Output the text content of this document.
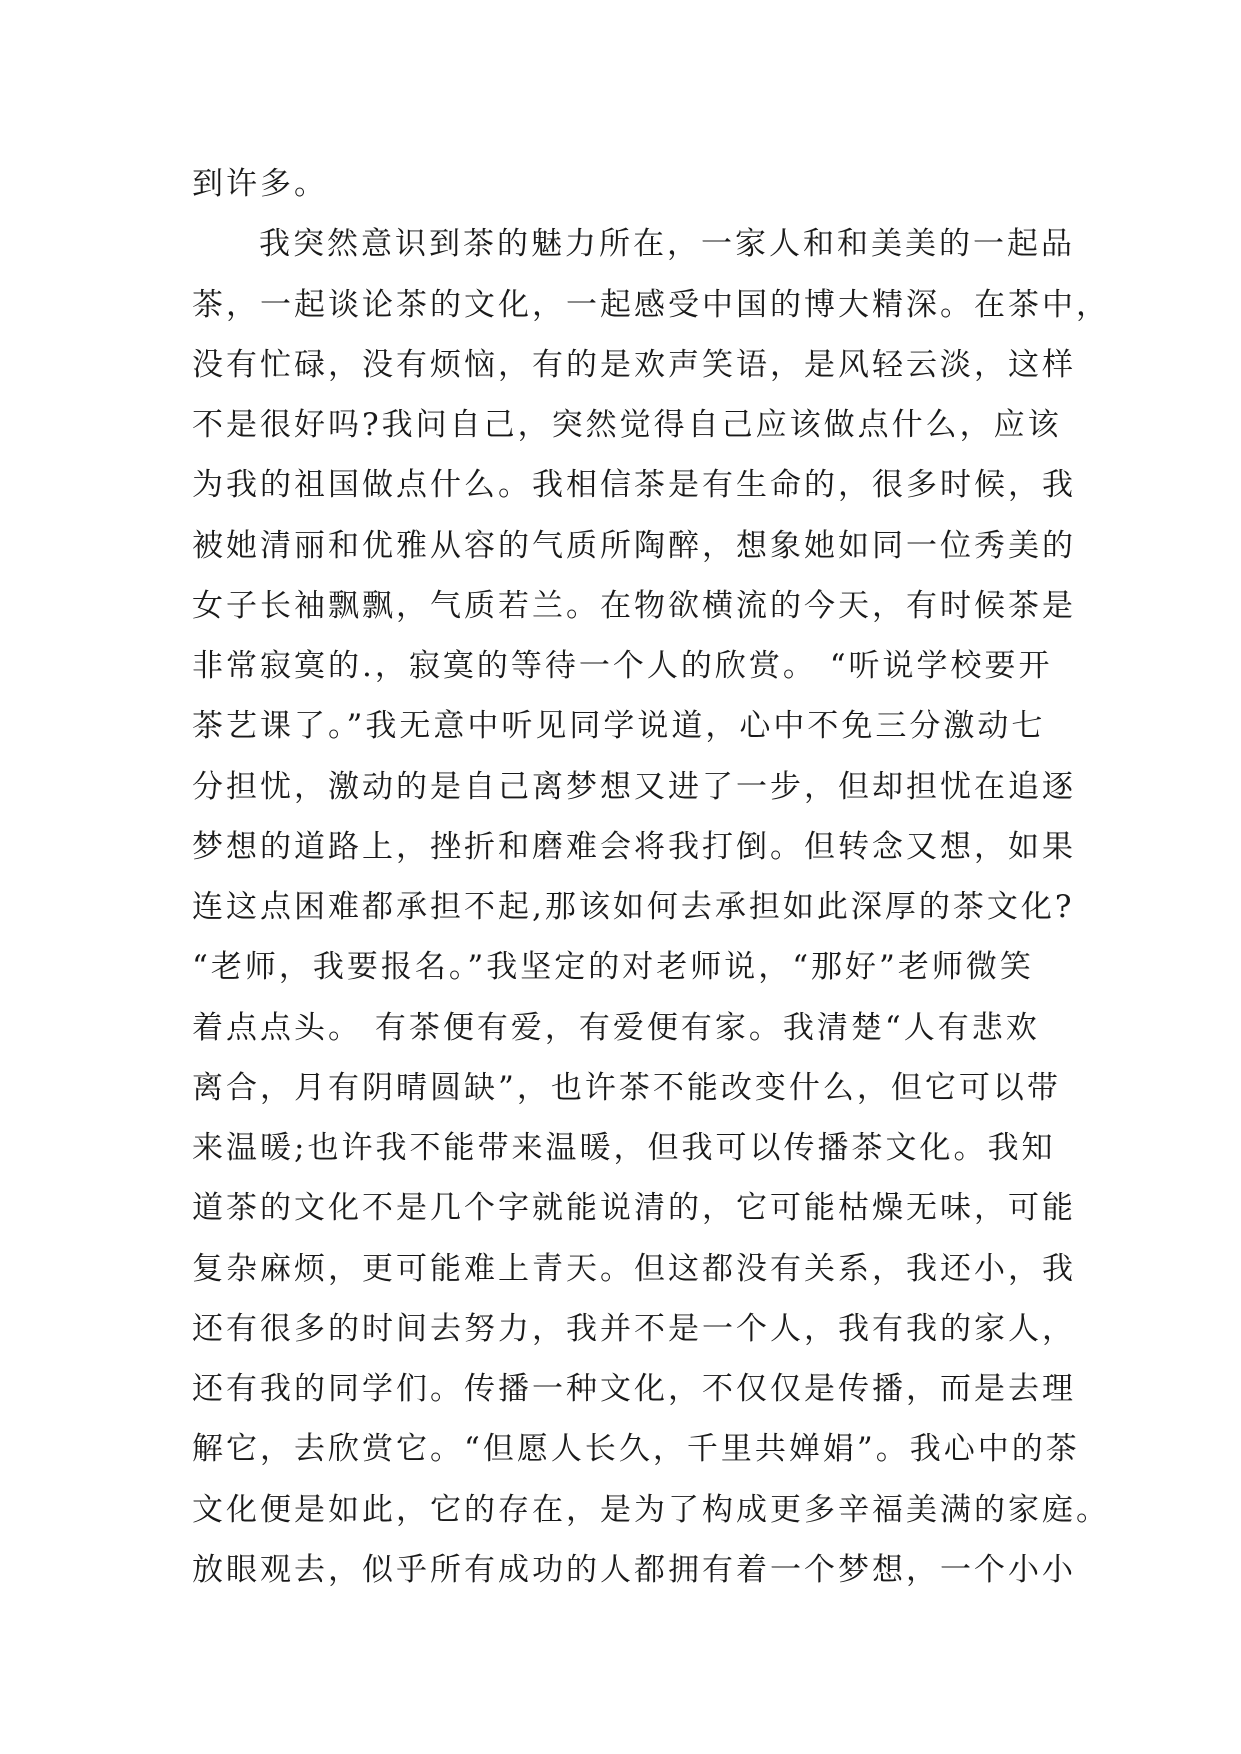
到许多。
我突然意识到茶的魅力所在，一家人和和美美的一起品
茶，一起谈论茶的文化，一起感受中国的博大精深。在茶中，
没有忙碌，没有烦恼，有的是欢声笑语，是风轻云淡，这样
不是很好吗?我问自己，突然觉得自己应该做点什么，应该
为我的祖国做点什么。我相信茶是有生命的，很多时候，我
被她清丽和优雅从容的气质所陶醉，想象她如同一位秀美的
女子长袖飘飘，气质若兰。在物欲横流的今天，有时候茶是
非常寂寞的.，寂寞的等待一个人的欣赏。 “听说学校要开
茶艺课了。”我无意中听见同学说道，心中不免三分激动七
分担忧，激动的是自己离梦想又进了一步，但却担忧在追逐
梦想的道路上，挫折和磨难会将我打倒。但转念又想，如果
连这点困难都承担不起,那该如何去承担如此深厚的茶文化?
“老师，我要报名。”我坚定的对老师说，“那好”老师微笑
着点点头。 有茶便有爱，有爱便有家。我清楚“人有悲欢
离合，月有阴晴圆缺”，也许茶不能改变什么，但它可以带
来温暖;也许我不能带来温暖，但我可以传播茶文化。我知
道茶的文化不是几个字就能说清的，它可能枯燥无味，可能
复杂麻烦，更可能难上青天。但这都没有关系，我还小，我
还有很多的时间去努力，我并不是一个人，我有我的家人，
还有我的同学们。传播一种文化，不仅仅是传播，而是去理
解它，去欣赏它。“但愿人长久，千里共婵娟”。我心中的茶
文化便是如此，它的存在，是为了构成更多辛福美满的家庭。
放眼观去，似乎所有成功的人都拥有着一个梦想，一个小小
